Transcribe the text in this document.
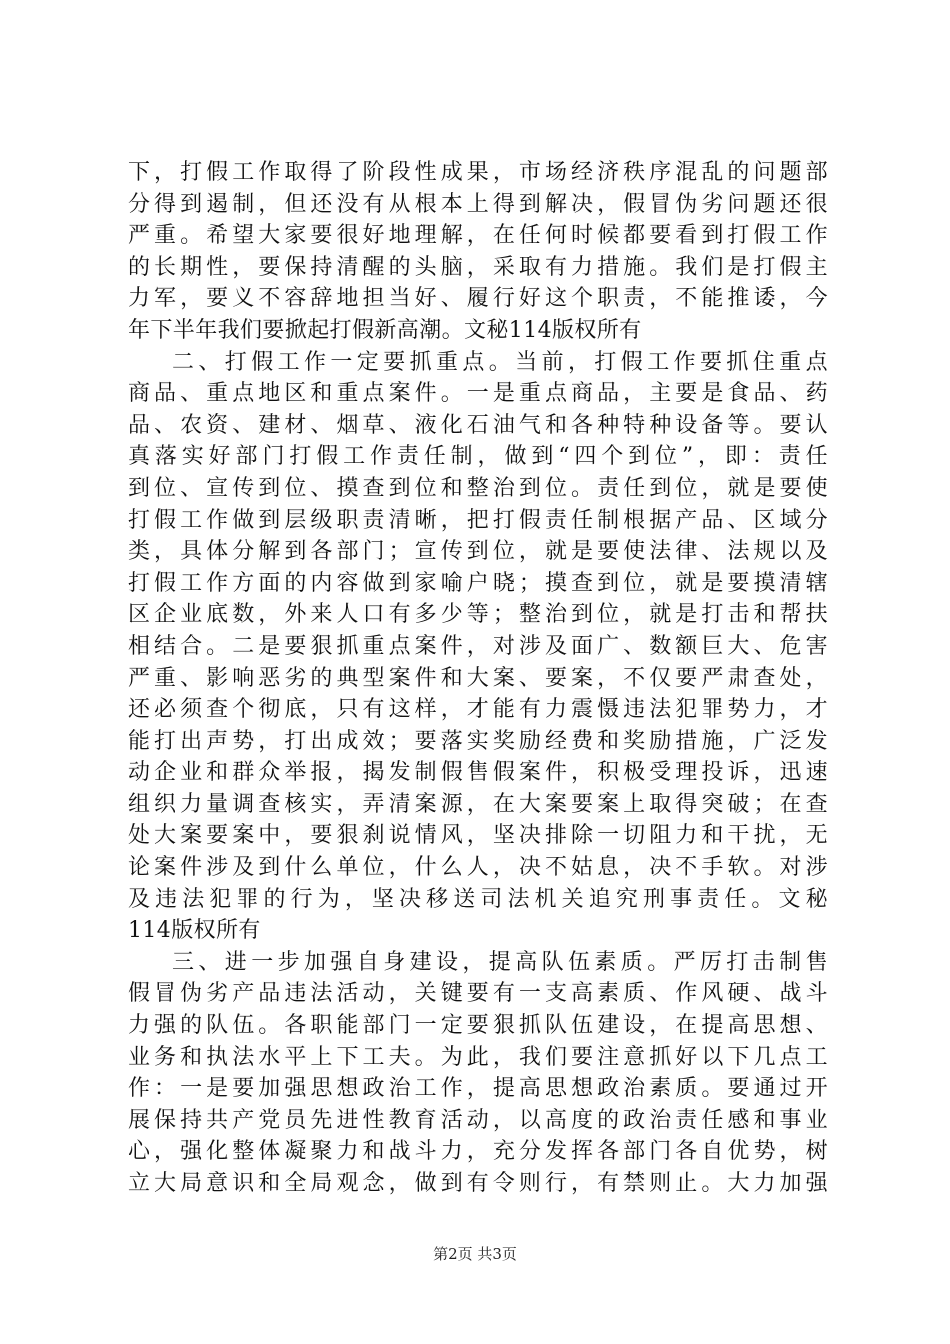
下，打假工作取得了阶段性成果，市场经济秩序混乱的问题部
分得到遏制，但还没有从根本上得到解决，假冒伪劣问题还很
严重。希望大家要很好地理解，在任何时候都要看到打假工作
的长期性，要保持清醒的头脑，采取有力措施。我们是打假主
力军，要义不容辞地担当好、履行好这个职责，不能推诿，今
年下半年我们要掀起打假新高潮。文秘114版权所有
二、打假工作一定要抓重点。当前，打假工作要抓住重点
商品、重点地区和重点案件。一是重点商品，主要是食品、药
品、农资、建材、烟草、液化石油气和各种特种设备等。要认
真落实好部门打假工作责任制，做到“四个到位”，即：责任
到位、宣传到位、摸查到位和整治到位。责任到位，就是要使
打假工作做到层级职责清晰，把打假责任制根据产品、区域分
类，具体分解到各部门；宣传到位，就是要使法律、法规以及
打假工作方面的内容做到家喻户晓；摸查到位，就是要摸清辖
区企业底数，外来人口有多少等；整治到位，就是打击和帮扶
相结合。二是要狠抓重点案件，对涉及面广、数额巨大、危害
严重、影响恶劣的典型案件和大案、要案，不仅要严肃查处，
还必须查个彻底，只有这样，才能有力震慑违法犯罪势力，才
能打出声势，打出成效；要落实奖励经费和奖励措施，广泛发
动企业和群众举报，揭发制假售假案件，积极受理投诉，迅速
组织力量调查核实，弄清案源，在大案要案上取得突破；在查
处大案要案中，要狠刹说情风，坚决排除一切阻力和干扰，无
论案件涉及到什么单位，什么人，决不姑息，决不手软。对涉
及违法犯罪的行为，坚决移送司法机关追究刑事责任。文秘
114版权所有
三、进一步加强自身建设，提高队伍素质。严厉打击制售
假冒伪劣产品违法活动，关键要有一支高素质、作风硬、战斗
力强的队伍。各职能部门一定要狠抓队伍建设，在提高思想、
业务和执法水平上下工夫。为此，我们要注意抓好以下几点工
作：一是要加强思想政治工作，提高思想政治素质。要通过开
展保持共产党员先进性教育活动，以高度的政治责任感和事业
心，强化整体凝聚力和战斗力，充分发挥各部门各自优势，树
立大局意识和全局观念，做到有令则行，有禁则止。大力加强
第2页 共3页
